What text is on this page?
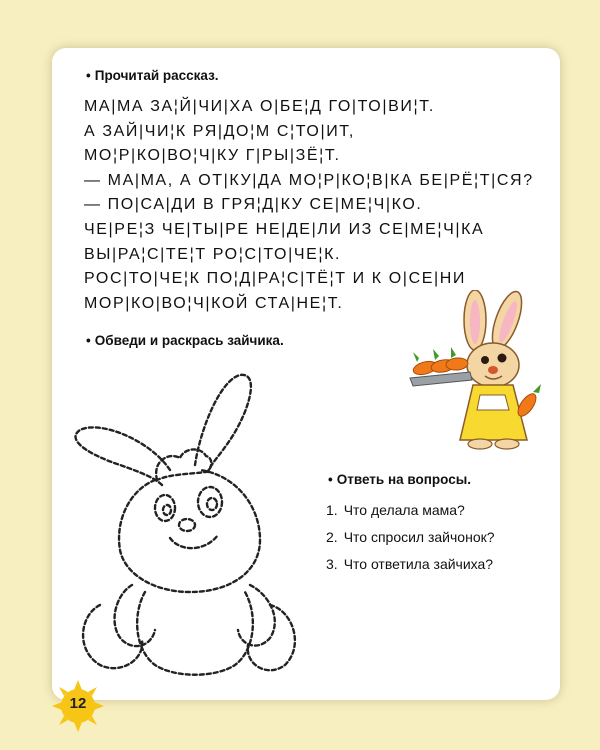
• Прочитай рассказ.
МА|МА ЗА¦Й|ЧИ|ХА О|БЕ¦Д ГО|ТО|ВИ¦Т.
А ЗАЙ|ЧИ¦К РЯ|ДО¦М С¦ТО|ИТ,
МО¦Р|КО|ВО¦Ч|КУ Г|РЫ|ЗЁ¦Т.
— МА|МА, А ОТ|КУ|ДА МО¦Р|КО¦В|КА БЕ|РЁ¦Т|СЯ?
— ПО|СА|ДИ В ГРЯ¦Д|КУ СЕ|МЕ¦Ч|КО.
ЧЕ|РЕ¦З ЧЕ|ТЫ|РЕ НЕ|ДЕ|ЛИ ИЗ СЕ|МЕ¦Ч|КА
ВЫ|РА¦С|ТЕ¦Т РО¦С|ТО|ЧЕ¦К.
РОС|ТО|ЧЕ¦К ПО¦Д|РА¦С|ТЁ¦Т И К О|СЕ|НИ
МОР|КО|ВО¦Ч|КОЙ СТА|НЕ¦Т.
• Обведи и раскрась зайчика.
• Ответь на вопросы.
1. Что делала мама?
2. Что спросил зайчонок?
3. Что ответила зайчиха?
12
